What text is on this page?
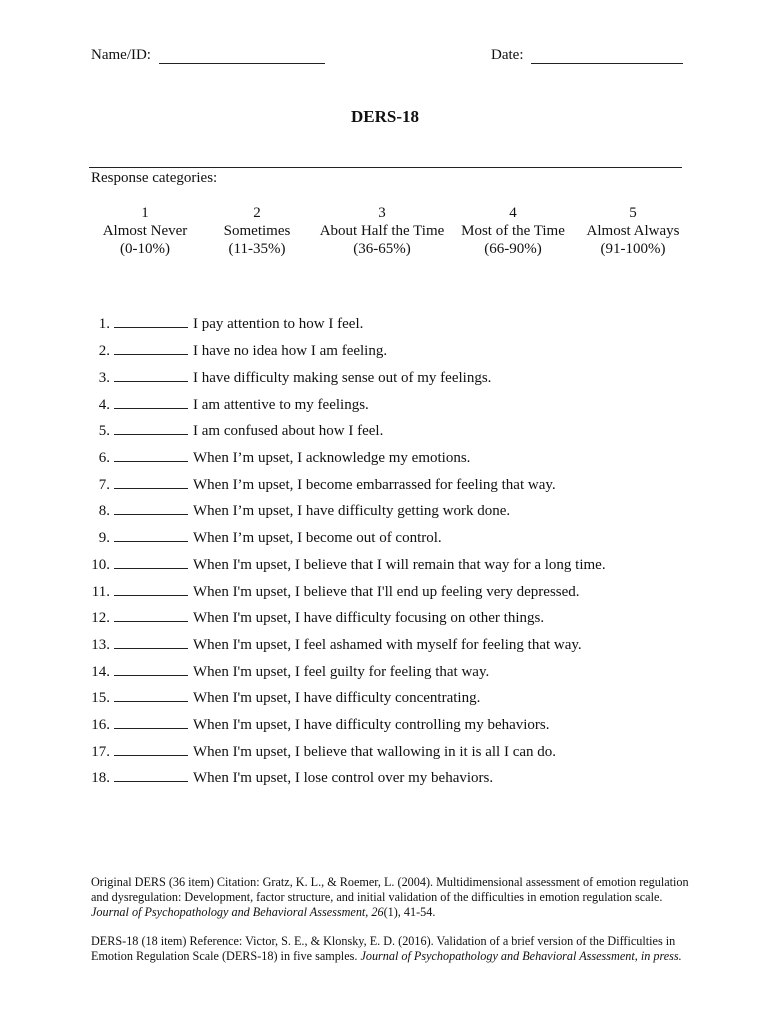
Name/ID:	Date:
DERS-18
Response categories:
1
Almost Never
(0-10%)
2
Sometimes
(11-35%)
3
About Half the Time
(36-65%)
4
Most of the Time
(66-90%)
5
Almost Always
(91-100%)
1.	I pay attention to how I feel.
2.	I have no idea how I am feeling.
3.	I have difficulty making sense out of my feelings.
4.	I am attentive to my feelings.
5.	I am confused about how I feel.
6.	When I’m upset, I acknowledge my emotions.
7.	When I’m upset, I become embarrassed for feeling that way.
8.	When I’m upset, I have difficulty getting work done.
9.	When I’m upset, I become out of control.
10.	When I'm upset, I believe that I will remain that way for a long time.
11.	When I'm upset, I believe that I'll end up feeling very depressed.
12.	When I'm upset, I have difficulty focusing on other things.
13.	When I'm upset, I feel ashamed with myself for feeling that way.
14.	When I'm upset, I feel guilty for feeling that way.
15.	When I'm upset, I have difficulty concentrating.
16.	When I'm upset, I have difficulty controlling my behaviors.
17.	When I'm upset, I believe that wallowing in it is all I can do.
18.	When I'm upset, I lose control over my behaviors.
Original DERS (36 item) Citation: Gratz, K. L., & Roemer, L. (2004). Multidimensional assessment of emotion regulation and dysregulation: Development, factor structure, and initial validation of the difficulties in emotion regulation scale. Journal of Psychopathology and Behavioral Assessment, 26(1), 41-54.
DERS-18 (18 item) Reference: Victor, S. E., & Klonsky, E. D. (2016). Validation of a brief version of the Difficulties in Emotion Regulation Scale (DERS-18) in five samples. Journal of Psychopathology and Behavioral Assessment, in press.
